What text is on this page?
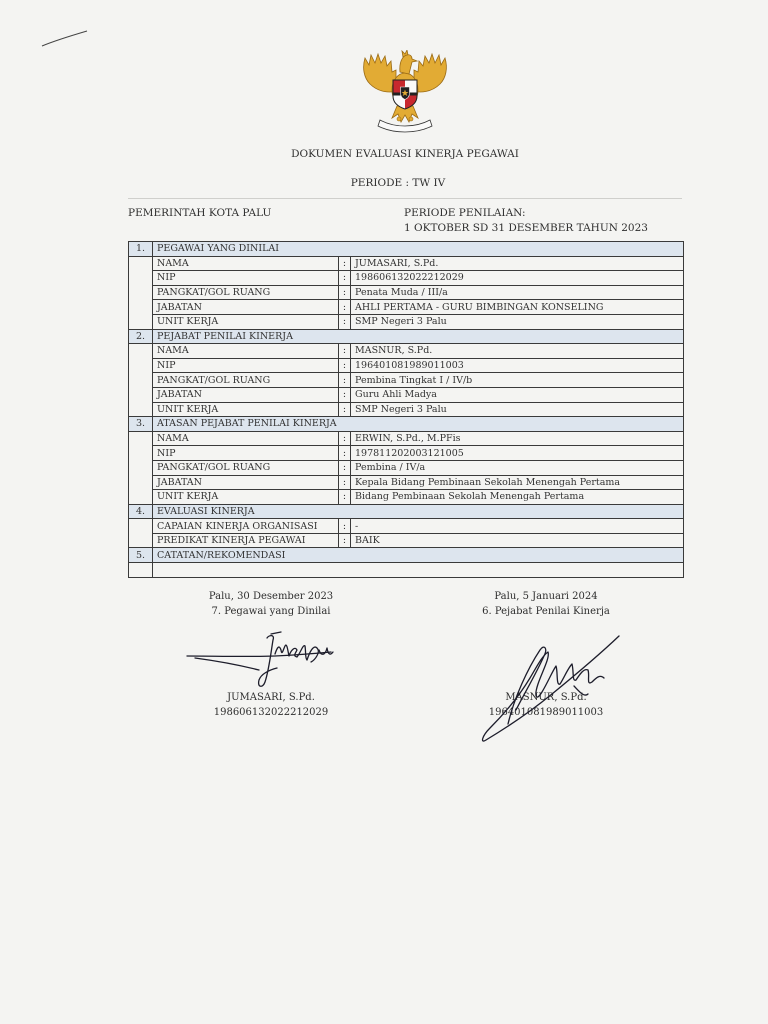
DOKUMEN EVALUASI KINERJA PEGAWAI
PERIODE : TW IV
PEMERINTAH KOTA PALU	PERIODE PENILAIAN:
1 OKTOBER SD 31 DESEMBER TAHUN 2023
1.	PEGAWAI YANG DINILAI		
	NAMA	:	JUMASARI, S.Pd.
	NIP	:	198606132022212029
	PANGKAT/GOL RUANG	:	Penata Muda / III/a
	JABATAN	:	AHLI PERTAMA - GURU BIMBINGAN KONSELING
	UNIT KERJA	:	SMP Negeri 3 Palu
2.	PEJABAT PENILAI KINERJA		
	NAMA	:	MASNUR, S.Pd.
	NIP	:	196401081989011003
	PANGKAT/GOL RUANG	:	Pembina Tingkat I / IV/b
	JABATAN	:	Guru Ahli Madya
	UNIT KERJA	:	SMP Negeri 3 Palu
3.	ATASAN PEJABAT PENILAI KINERJA		
	NAMA	:	ERWIN, S.Pd., M.PFis
	NIP	:	197811202003121005
	PANGKAT/GOL RUANG	:	Pembina / IV/a
	JABATAN	:	Kepala Bidang Pembinaan Sekolah Menengah Pertama
	UNIT KERJA	:	Bidang Pembinaan Sekolah Menengah Pertama
4.	EVALUASI KINERJA		
	CAPAIAN KINERJA ORGANISASI	:	-
	PREDIKAT KINERJA PEGAWAI	:	BAIK
5.	CATATAN/REKOMENDASI		

Palu, 30 Desember 2023
7. Pegawai yang Dinilai
JUMASARI, S.Pd.
198606132022212029
Palu, 5 Januari 2024
6. Pejabat Penilai Kinerja
MASNUR, S.Pd.
196401081989011003
